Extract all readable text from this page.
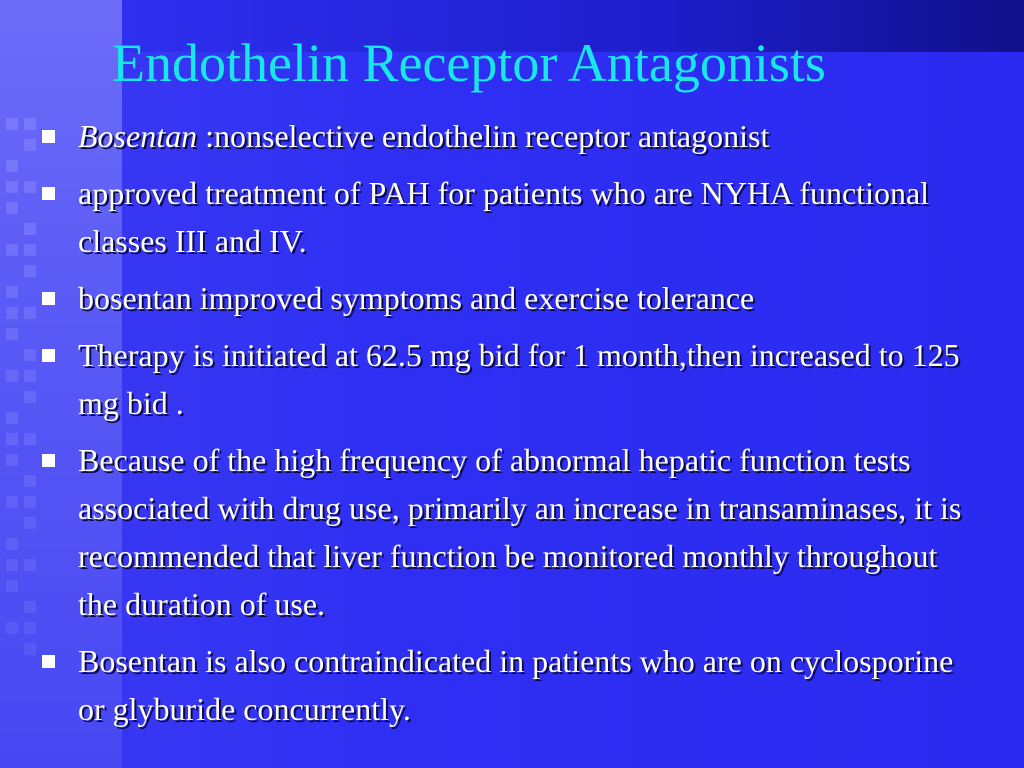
Endothelin Receptor Antagonists
Bosentan :nonselective endothelin receptor antagonist
approved treatment of PAH for patients who are NYHA functional classes III and IV.
bosentan improved symptoms and exercise tolerance
Therapy is initiated at 62.5 mg bid for 1 month,then increased to 125 mg bid .
Because of the high frequency of abnormal hepatic function tests associated with drug use, primarily an increase in transaminases, it is recommended that liver function be monitored monthly throughout the duration of use.
Bosentan is also contraindicated in patients who are on cyclosporine or glyburide concurrently.
